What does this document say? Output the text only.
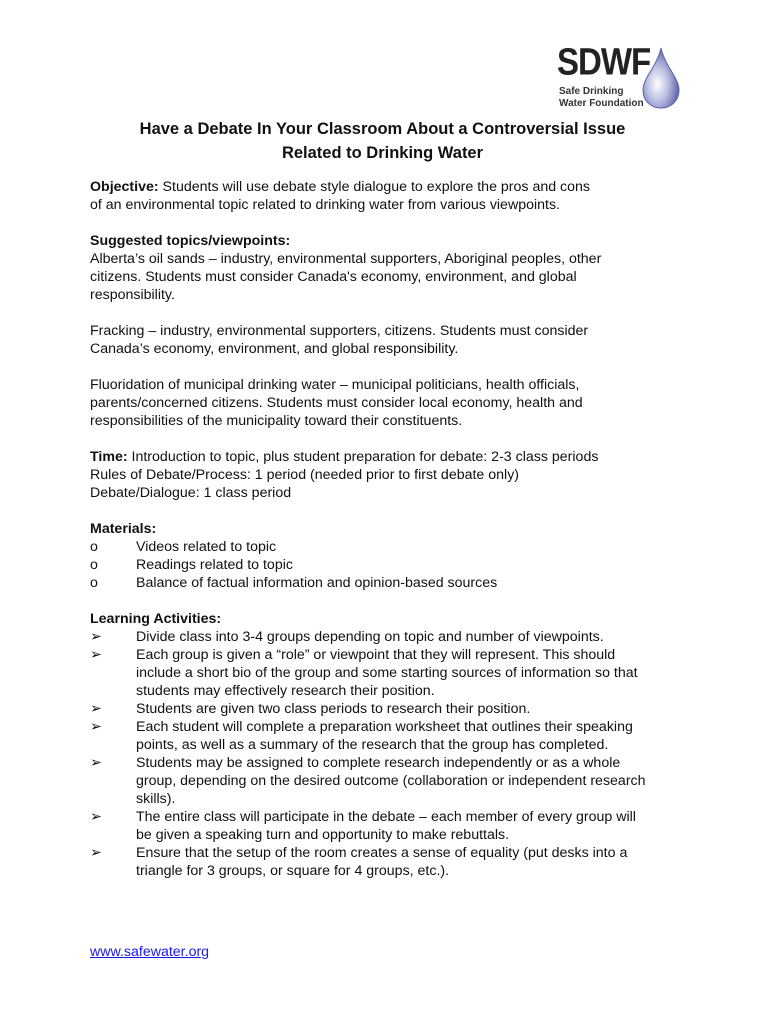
SDWF
Safe Drinking
Water Foundation
Have a Debate In Your Classroom About a Controversial Issue
Related to Drinking Water

Objective: Students will use debate style dialogue to explore the pros and cons

of an environmental topic related to drinking water from various viewpoints.

Suggested topics/viewpoints:

Alberta’s oil sands – industry, environmental supporters, Aboriginal peoples, other

citizens. Students must consider Canada's economy, environment, and global

responsibility.

Fracking – industry, environmental supporters, citizens. Students must consider

Canada’s economy, environment, and global responsibility.

Fluoridation of municipal drinking water – municipal politicians, health officials,

parents/concerned citizens. Students must consider local economy, health and

responsibilities of the municipality toward their constituents.

Time: Introduction to topic, plus student preparation for debate: 2-3 class periods

Rules of Debate/Process: 1 period (needed prior to first debate only)

Debate/Dialogue: 1 class period

Materials:

o	Videos related to topic
o	Readings related to topic
o	Balance of factual information and opinion-based sources

Learning Activities:

➢	Divide class into 3-4 groups depending on topic and number of viewpoints.
➢	Each group is given a “role” or viewpoint that they will represent. This should
include a short bio of the group and some starting sources of information so that
students may effectively research their position.
➢	Students are given two class periods to research their position.
➢	Each student will complete a preparation worksheet that outlines their speaking
points, as well as a summary of the research that the group has completed.
➢	Students may be assigned to complete research independently or as a whole
group, depending on the desired outcome (collaboration or independent research
skills).
➢	The entire class will participate in the debate – each member of every group will
be given a speaking turn and opportunity to make rebuttals.
➢	Ensure that the setup of the room creates a sense of equality (put desks into a
triangle for 3 groups, or square for 4 groups, etc.).
www.safewater.org
